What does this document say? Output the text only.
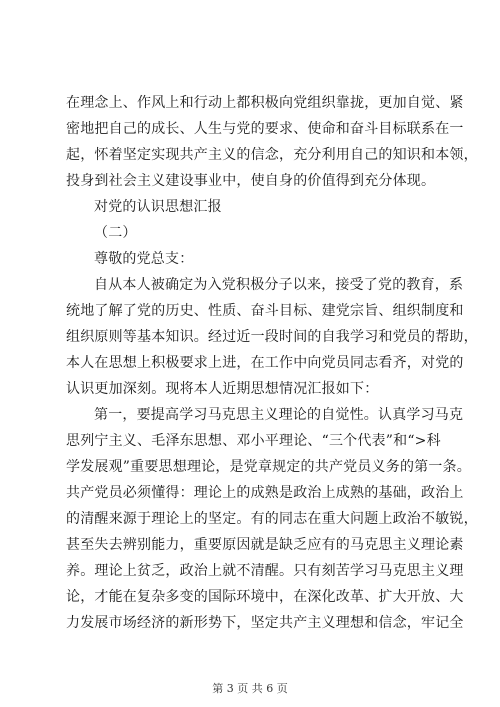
在理念上、作风上和行动上都积极向党组织靠拢，更加自觉、紧
密地把自己的成长、人生与党的要求、使命和奋斗目标联系在一
起，怀着坚定实现共产主义的信念，充分利用自己的知识和本领，
投身到社会主义建设事业中，使自身的价值得到充分体现。
对党的认识思想汇报
（二）
尊敬的党总支：
自从本人被确定为入党积极分子以来，接受了党的教育，系
统地了解了党的历史、性质、奋斗目标、建党宗旨、组织制度和
组织原则等基本知识。经过近一段时间的自我学习和党员的帮助，
本人在思想上积极要求上进，在工作中向党员同志看齐，对党的
认识更加深刻。现将本人近期思想情况汇报如下：
第一，要提高学习马克思主义理论的自觉性。认真学习马克
思列宁主义、毛泽东思想、邓小平理论、“三个代表”和“>科
学发展观”重要思想理论，是党章规定的共产党员义务的第一条。
共产党员必须懂得：理论上的成熟是政治上成熟的基础，政治上
的清醒来源于理论上的坚定。有的同志在重大问题上政治不敏锐，
甚至失去辨别能力，重要原因就是缺乏应有的马克思主义理论素
养。理论上贫乏，政治上就不清醒。只有刻苦学习马克思主义理
论，才能在复杂多变的国际环境中，在深化改革、扩大开放、大
力发展市场经济的新形势下，坚定共产主义理想和信念，牢记全
第 3 页 共 6 页
